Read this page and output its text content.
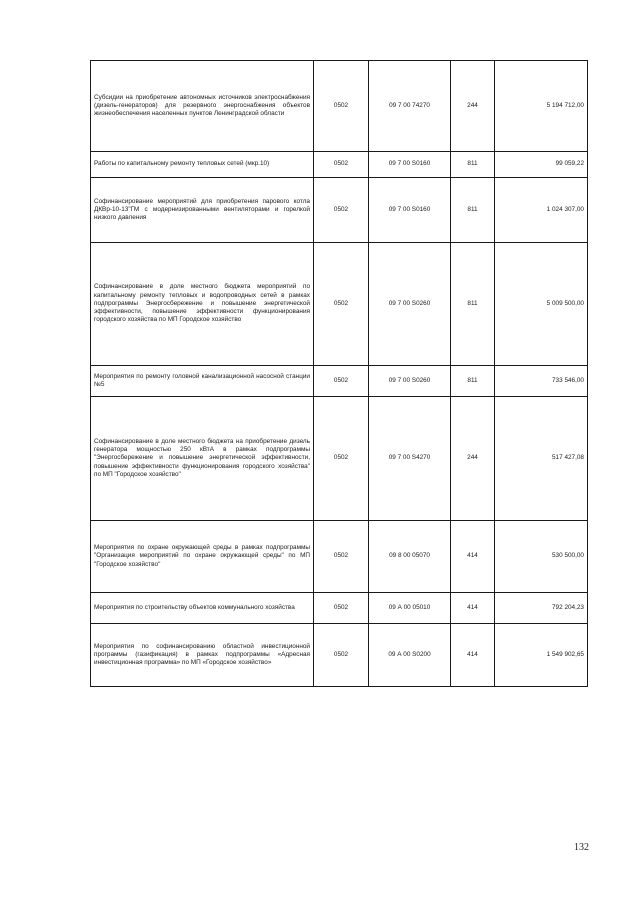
Субсидии на приобретение автономных источников электроснабжения (дизель-генераторов) для резервного энергоснабжения объектов жизнеобеспечения населенных пунктов Ленинградской области	0502	09 7 00 74270	244	5 194 712,00
Работы по капитальному ремонту тепловых сетей (мкр.10)	0502	09 7 00 S0160	811	99 059,22
Софинансирование мероприятий для приобретения парового котла ДКВр-10-13"ГМ с модернизированными вентиляторами и горелкой низкого давления	0502	09 7 00 S0160	811	1 024 307,00
Софинансирование в доле местного бюджета мероприятий по капитальному ремонту тепловых и водопроводных сетей в рамках подпрограммы Энергосбережение и повышение энергетической эффективности, повышение эффективности функционирования городского хозяйства по МП Городское хозяйство	0502	09 7 00 S0260	811	5 009 500,00
Мероприятия по ремонту головной канализационной насосной станции №5	0502	09 7 00 S0260	811	733 546,00
Софинансирование в доле местного бюджета на приобретение дизель генератора мощностью 250 кВтА в рамках подпрограммы "Энергосбережение и повышение энергетической эффективности, повышение эффективности функционирования городского хозяйства" по МП "Городское хозяйство"	0502	09 7 00 S4270	244	517 427,08
Мероприятия по охране окружающей среды в рамках подпрограммы "Организация мероприятий по охране окружающей среды" по МП "Городское хозяйство"	0502	09 8 00 05070	414	530 500,00
Мероприятия по строительству объектов коммунального хозяйства	0502	09 А 00 05010	414	792 204,23
Мероприятия по софинансированию областной инвестиционной программы (газификация) в рамках подпрограммы «Адресная инвестиционная программа» по МП «Городское хозяйство»	0502	09 А 00 S0200	414	1 549 902,65
132
